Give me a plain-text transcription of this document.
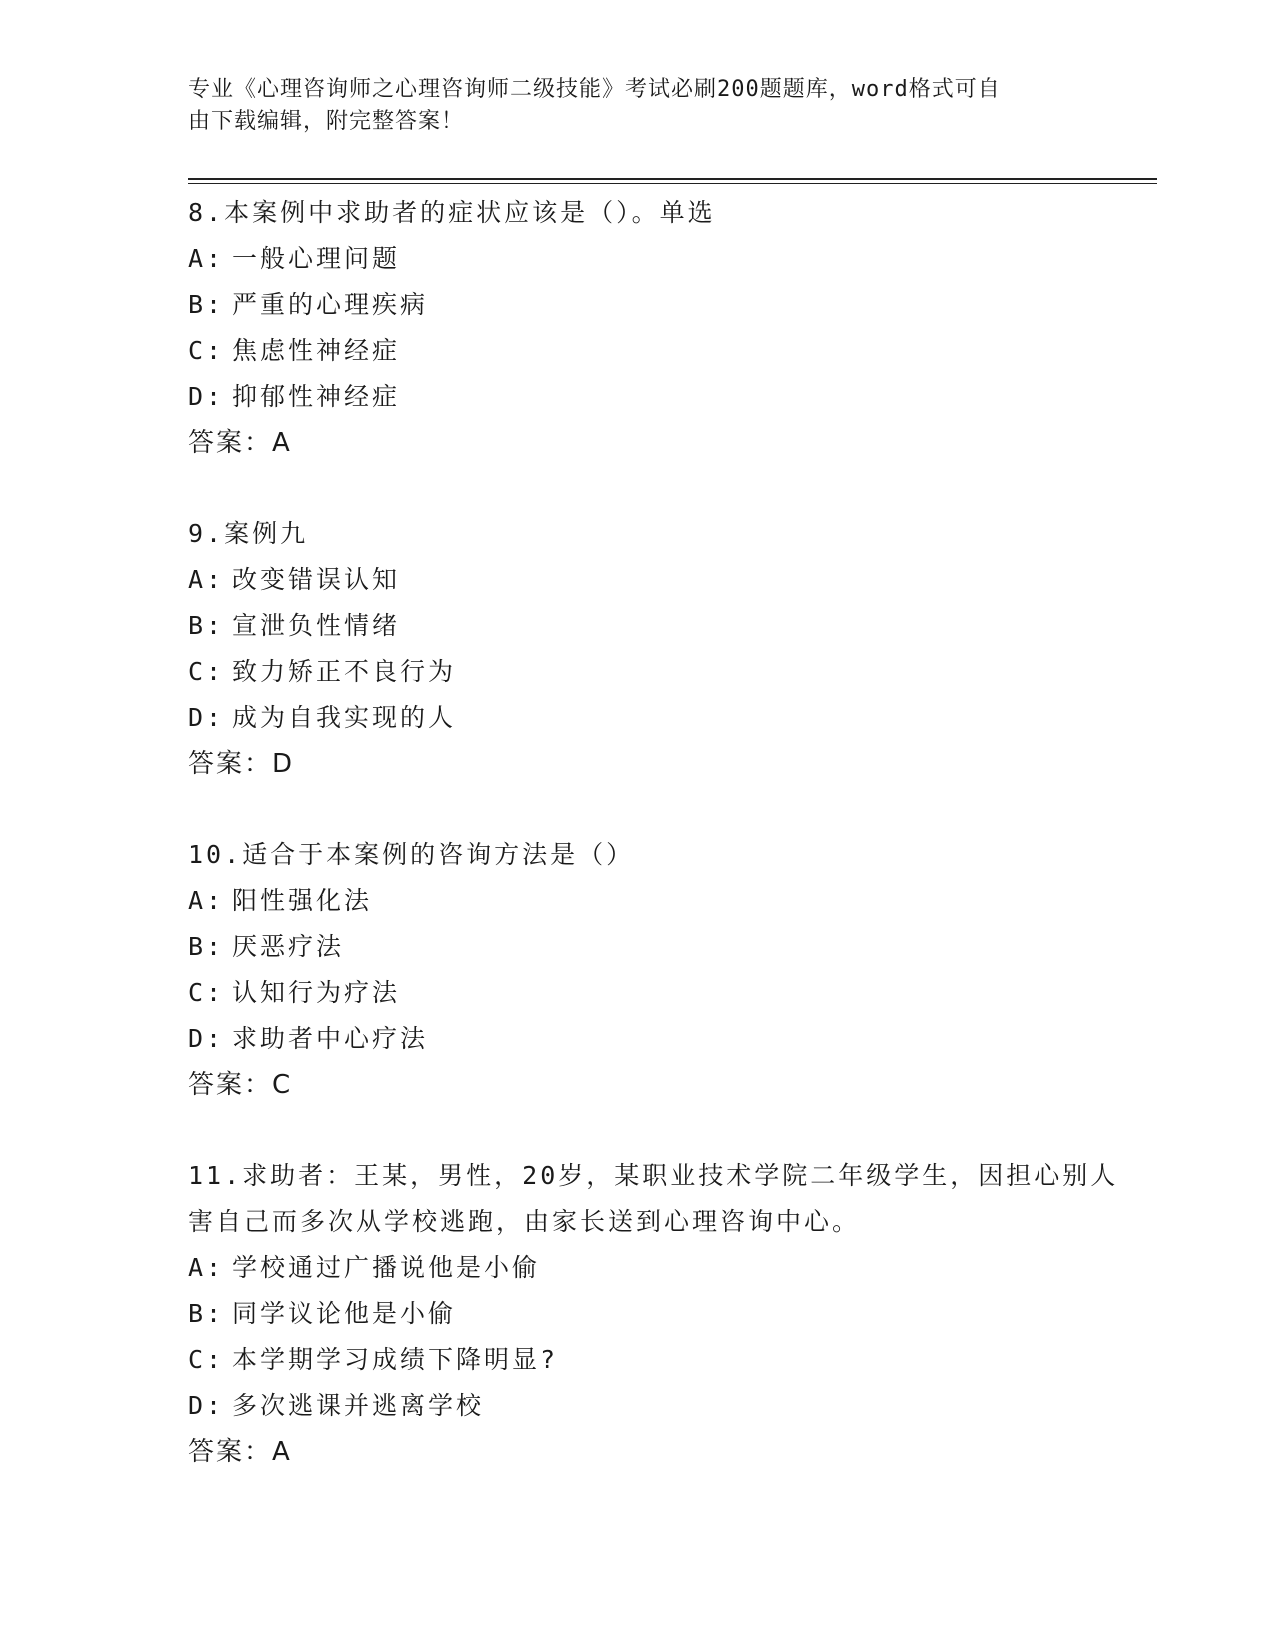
专业《心理咨询师之心理咨询师二级技能》考试必刷200题题库，word格式可自
由下载编辑，附完整答案！
8.本案例中求助者的症状应该是（）。单选
A: 一般心理问题
B: 严重的心理疾病
C: 焦虑性神经症
D: 抑郁性神经症
答案：A
9.案例九
A: 改变错误认知
B: 宣泄负性情绪
C: 致力矫正不良行为
D: 成为自我实现的人
答案：D
10.适合于本案例的咨询方法是（）
A: 阳性强化法
B: 厌恶疗法
C: 认知行为疗法
D: 求助者中心疗法
答案：C
11.求助者：王某，男性，20岁，某职业技术学院二年级学生，因担心别人害自己而多次从学校逃跑，由家长送到心理咨询中心。
A: 学校通过广播说他是小偷
B: 同学议论他是小偷
C: 本学期学习成绩下降明显?
D: 多次逃课并逃离学校
答案：A
